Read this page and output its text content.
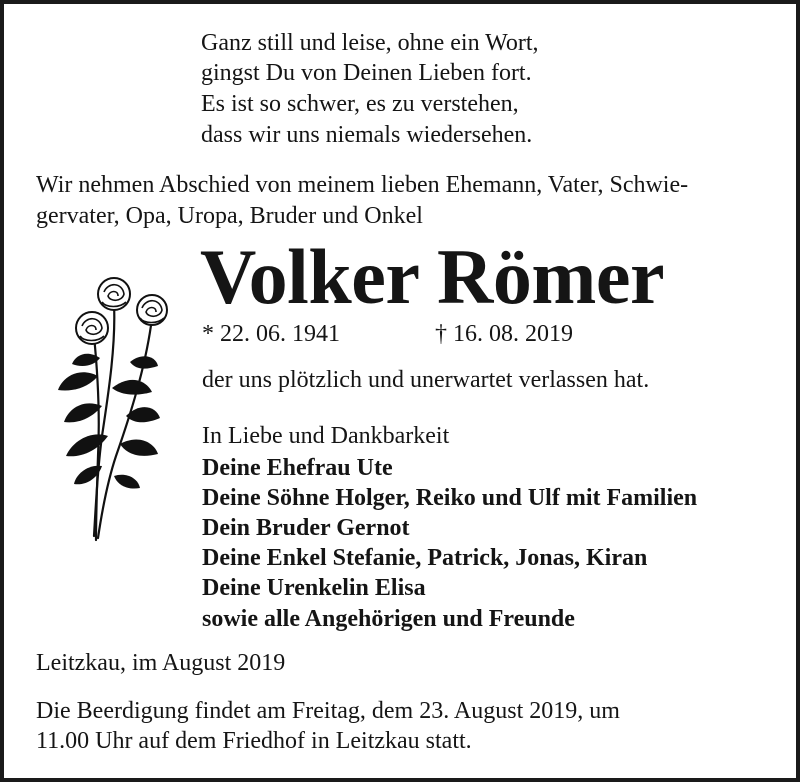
Ganz still und leise, ohne ein Wort,
gingst Du von Deinen Lieben fort.
Es ist so schwer, es zu verstehen,
dass wir uns niemals wiedersehen.
Wir nehmen Abschied von meinem lieben Ehemann, Vater, Schwie-
gervater, Opa, Uropa, Bruder und Onkel
Volker Römer
* 22. 06. 1941	† 16. 08. 2019
der uns plötzlich und unerwartet verlassen hat.
In Liebe und Dankbarkeit
Deine Ehefrau Ute
Deine Söhne Holger, Reiko und Ulf mit Familien
Dein Bruder Gernot
Deine Enkel Stefanie, Patrick, Jonas, Kiran
Deine Urenkelin Elisa
sowie alle Angehörigen und Freunde
Leitzkau, im August 2019
Die Beerdigung findet am Freitag, dem 23. August 2019, um
11.00 Uhr auf dem Friedhof in Leitzkau statt.
